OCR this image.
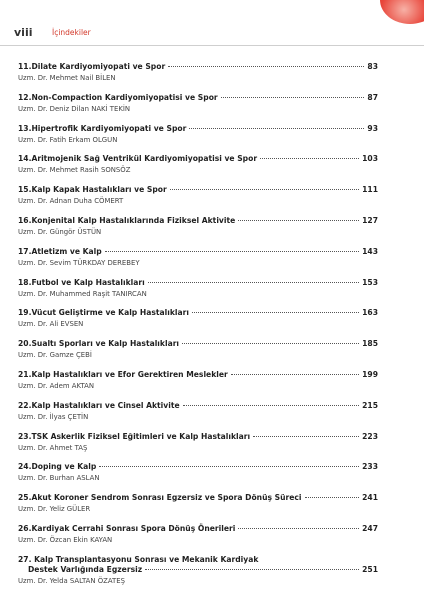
viii	İçindekiler
11. Dilate Kardiyomiyopati ve Spor	83
Uzm. Dr. Mehmet Nail BİLEN
12. Non-Compaction Kardiyomiyopatisi ve Spor	87
Uzm. Dr. Deniz Dilan NAKİ TEKİN
13. Hipertrofik Kardiyomiyopati ve Spor	93
Uzm. Dr. Fatih Erkam OLGUN
14. Aritmojenik Sağ Ventrikül Kardiyomiyopatisi ve Spor	103
Uzm. Dr. Mehmet Rasih SONSÖZ
15. Kalp Kapak Hastalıkları ve Spor	111
Uzm. Dr. Adnan Duha CÖMERT
16. Konjenital Kalp Hastalıklarında Fiziksel Aktivite	127
Uzm. Dr. Güngör ÜSTÜN
17. Atletizm ve Kalp	143
Uzm. Dr. Sevim TÜRKDAY DEREBEY
18. Futbol ve Kalp Hastalıkları	153
Uzm. Dr. Muhammed Raşit TANIRCAN
19. Vücut Geliştirme ve Kalp Hastalıkları	163
Uzm. Dr. Ali EVSEN
20. Sualtı Sporları ve Kalp Hastalıkları	185
Uzm. Dr. Gamze ÇEBİ
21. Kalp Hastalıkları ve Efor Gerektiren Meslekler	199
Uzm. Dr. Adem AKTAN
22. Kalp Hastalıkları ve Cinsel Aktivite	215
Uzm. Dr. İlyas ÇETİN
23. TSK Askerlik Fiziksel Eğitimleri ve Kalp Hastalıkları	223
Uzm. Dr. Ahmet TAŞ
24. Doping ve Kalp	233
Uzm. Dr. Burhan ASLAN
25. Akut Koroner Sendrom Sonrası Egzersiz ve Spora Dönüş Süreci	241
Uzm. Dr. Yeliz GÜLER
26. Kardiyak Cerrahi Sonrası Spora Dönüş Önerileri	247
Uzm. Dr. Özcan Ekin KAYAN
27. Kalp Transplantasyonu Sonrası ve Mekanik Kardiyak
Destek Varlığında Egzersiz	251
Uzm. Dr. Yelda SALTAN ÖZATEŞ
